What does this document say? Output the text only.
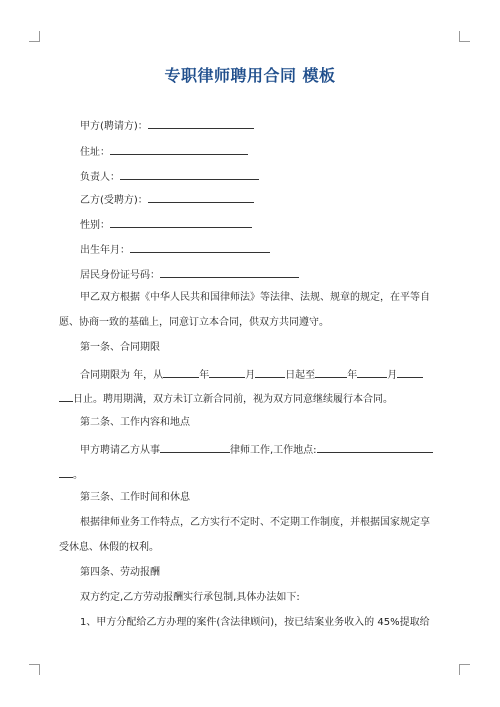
专职律师聘用合同 模板
甲方(聘请方)：
住址：
负责人：
乙方(受聘方)：
性别：
出生年月：
居民身份证号码：
甲乙双方根据《中华人民共和国律师法》等法律、法规、规章的规定，在平等自
愿、协商一致的基础上，同意订立本合同，供双方共同遵守。
第一条、合同期限
合同期限为 年，从	年	月	日起至	年	月
日止。聘用期满，双方未订立新合同前，视为双方同意继续履行本合同。
第二条、工作内容和地点
甲方聘请乙方从事	律师工作,工作地点:
。
第三条、工作时间和休息
根据律师业务工作特点，乙方实行不定时、不定期工作制度，并根据国家规定享
受休息、休假的权利。
第四条、劳动报酬
双方约定,乙方劳动报酬实行承包制,具体办法如下:
1、甲方分配给乙方办理的案件(含法律顾问)，按已结案业务收入的 45%提取给
